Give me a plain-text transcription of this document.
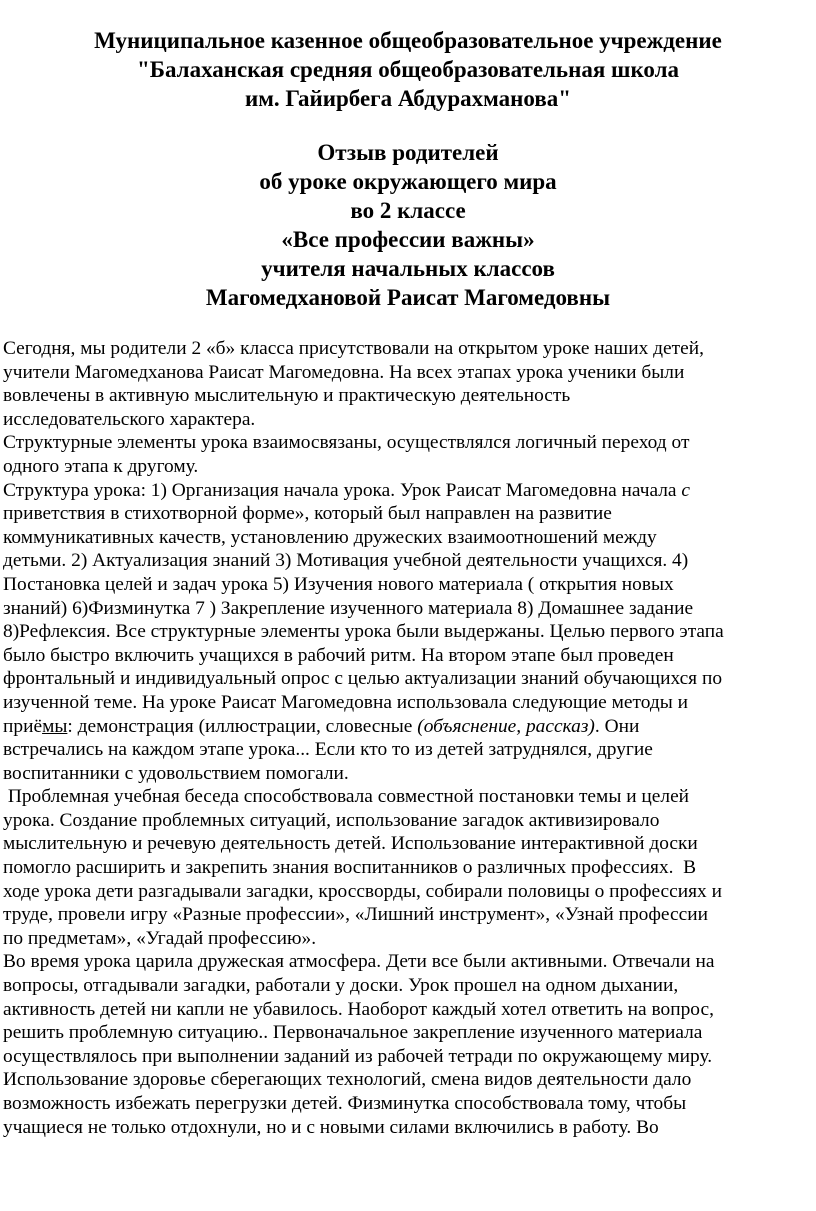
Муниципальное казенное общеобразовательное учреждение
"Балаханская средняя общеобразовательная школа
им. Гайирбега Абдурахманова"
Отзыв родителей
об уроке окружающего мира
во 2 классе
«Все профессии важны»
учителя начальных классов
Магомедхановой Раисат Магомедовны
Сегодня, мы родители 2 «б» класса присутствовали на открытом уроке наших детей,
учители Магомедханова Раисат Магомедовна. На всех этапах урока ученики были
вовлечены в активную мыслительную и практическую деятельность
исследовательского характера.
Структурные элементы урока взаимосвязаны, осуществлялся логичный переход от
одного этапа к другому.
Структура урока: 1) Организация начала урока. Урок Раисат Магомедовна начала с
приветствия в стихотворной форме», который был направлен на развитие
коммуникативных качеств, установлению дружеских взаимоотношений между
детьми. 2) Актуализация знаний 3) Мотивация учебной деятельности учащихся. 4)
Постановка целей и задач урока 5) Изучения нового материала ( открытия новых
знаний) 6)Физминутка 7 ) Закрепление изученного материала 8) Домашнее задание
8)Рефлексия. Все структурные элементы урока были выдержаны. Целью первого этапа
было быстро включить учащихся в рабочий ритм. На втором этапе был проведен
фронтальный и индивидуальный опрос с целью актуализации знаний обучающихся по
изученной теме. На уроке Раисат Магомедовна использовала следующие методы и
приёмы: демонстрация (иллюстрации, словесные (объяснение, рассказ). Они
встречались на каждом этапе урока... Если кто то из детей затруднялся, другие
воспитанники с удовольствием помогали.
Проблемная учебная беседа способствовала совместной постановки темы и целей
урока. Создание проблемных ситуаций, использование загадок активизировало
мыслительную и речевую деятельность детей. Использование интерактивной доски
помогло расширить и закрепить знания воспитанников о различных профессиях.  В
ходе урока дети разгадывали загадки, кроссворды, собирали половицы о профессиях и
труде, провели игру «Разные профессии», «Лишний инструмент», «Узнай профессии
по предметам», «Угадай профессию».
Во время урока царила дружеская атмосфера. Дети все были активными. Отвечали на
вопросы, отгадывали загадки, работали у доски. Урок прошел на одном дыхании,
активность детей ни капли не убавилось. Наоборот каждый хотел ответить на вопрос,
решить проблемную ситуацию.. Первоначальное закрепление изученного материала
осуществлялось при выполнении заданий из рабочей тетради по окружающему миру.
Использование здоровье сберегающих технологий, смена видов деятельности дало
возможность избежать перегрузки детей. Физминутка способствовала тому, чтобы
учащиеся не только отдохнули, но и с новыми силами включились в работу. Во
